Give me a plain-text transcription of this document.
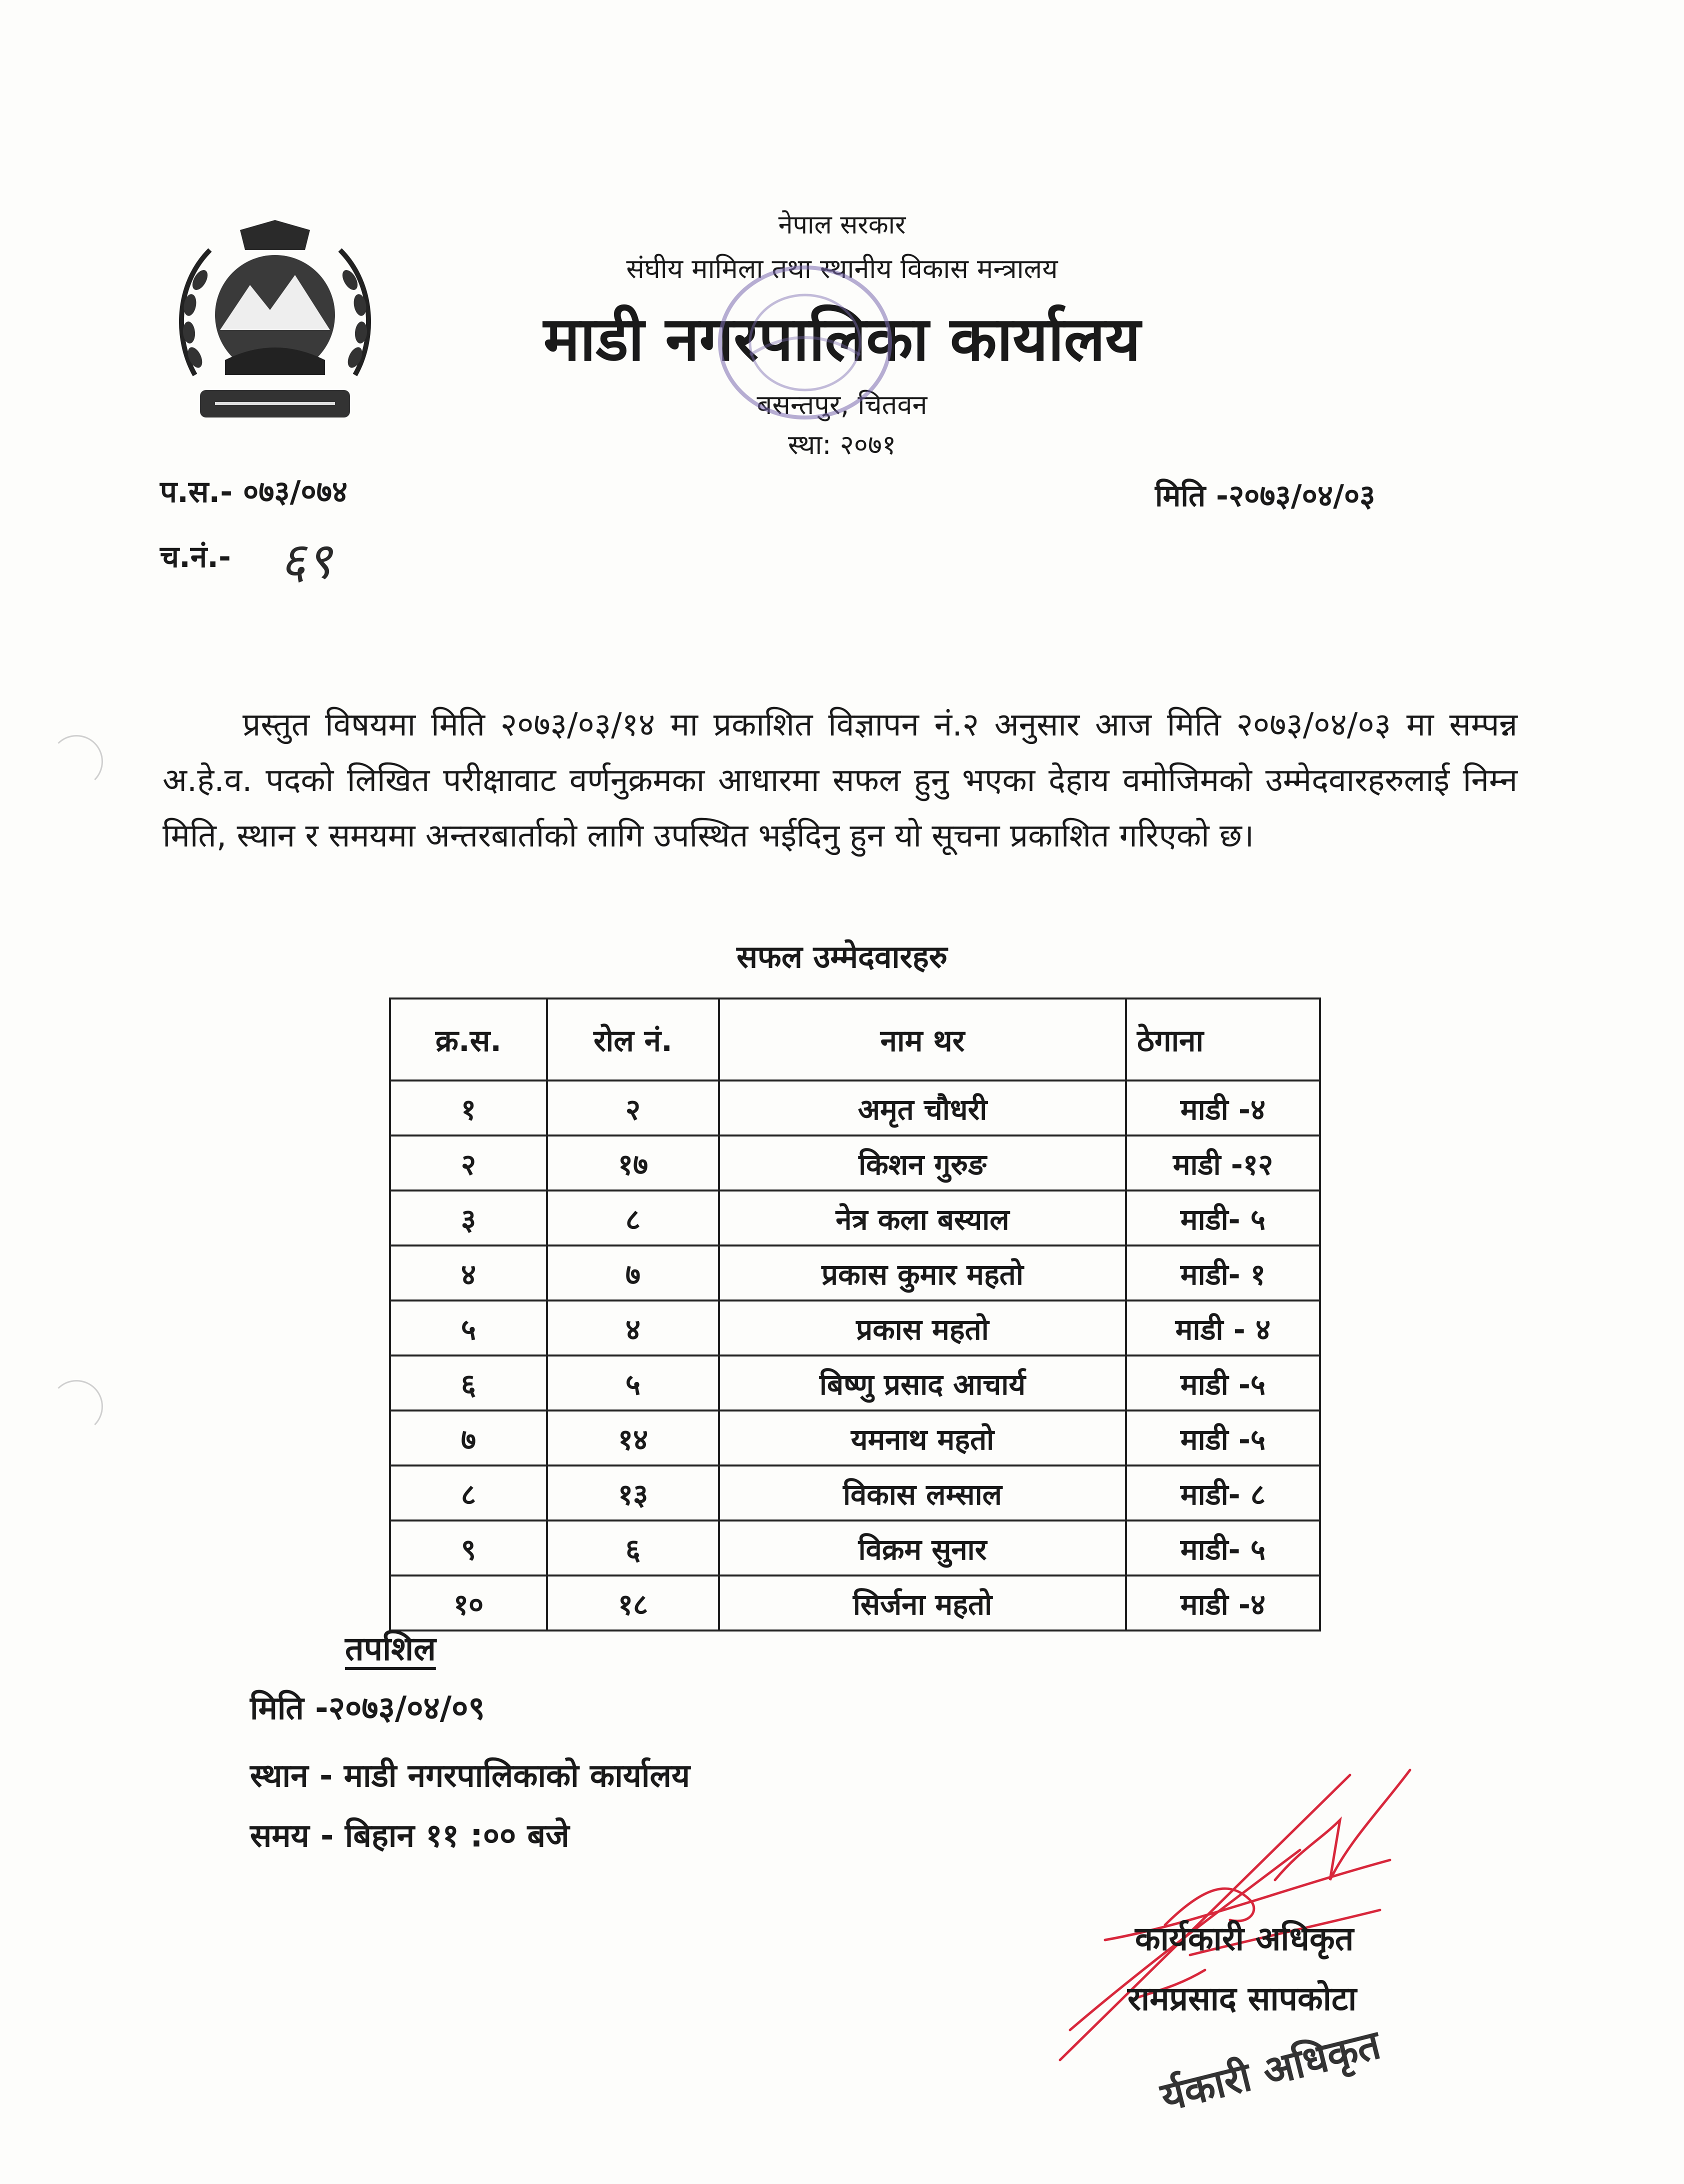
नेपाल सरकार
संघीय मामिला तथा स्थानीय विकास मन्त्रालय
माडी नगरपालिका कार्यालय
बसन्तपुर, चितवन
स्था: २०७१
प.स.- ०७३/०७४	मिति -२०७३/०४/०३
च.नं.- ६९
प्रस्तुत विषयमा मिति २०७३/०३/१४ मा प्रकाशित विज्ञापन नं.२ अनुसार आज मिति २०७३/०४/०३ मा सम्पन्न अ.हे.व. पदको लिखित परीक्षावाट वर्णनुक्रमका आधारमा सफल हुनु भएका देहाय वमोजिमको उम्मेदवारहरुलाई निम्न मिति, स्थान र समयमा अन्तरबार्ताको लागि उपस्थित भईदिनु हुन यो सूचना प्रकाशित गरिएको छ।
सफल उम्मेदवारहरु
क्र.स.	रोल नं.	नाम थर	ठेगाना
१	२	अमृत चौधरी	माडी -४
२	१७	किशन गुरुङ	माडी -१२
३	८	नेत्र कला बस्याल	माडी- ५
४	७	प्रकास कुमार महतो	माडी- १
५	४	प्रकास महतो	माडी - ४
६	५	बिष्णु प्रसाद आचार्य	माडी -५
७	१४	यमनाथ महतो	माडी -५
८	१३	विकास लम्साल	माडी- ८
९	६	विक्रम सुनार	माडी- ५
१०	१८	सिर्जना महतो	माडी -४
तपशिल
मिति -२०७३/०४/०९
स्थान - माडी नगरपालिकाको कार्यालय
समय - बिहान ११ :०० बजे
कार्यकारी अधिकृत
रामप्रसाद सापकोटा
र्यकारी अधिकृत
